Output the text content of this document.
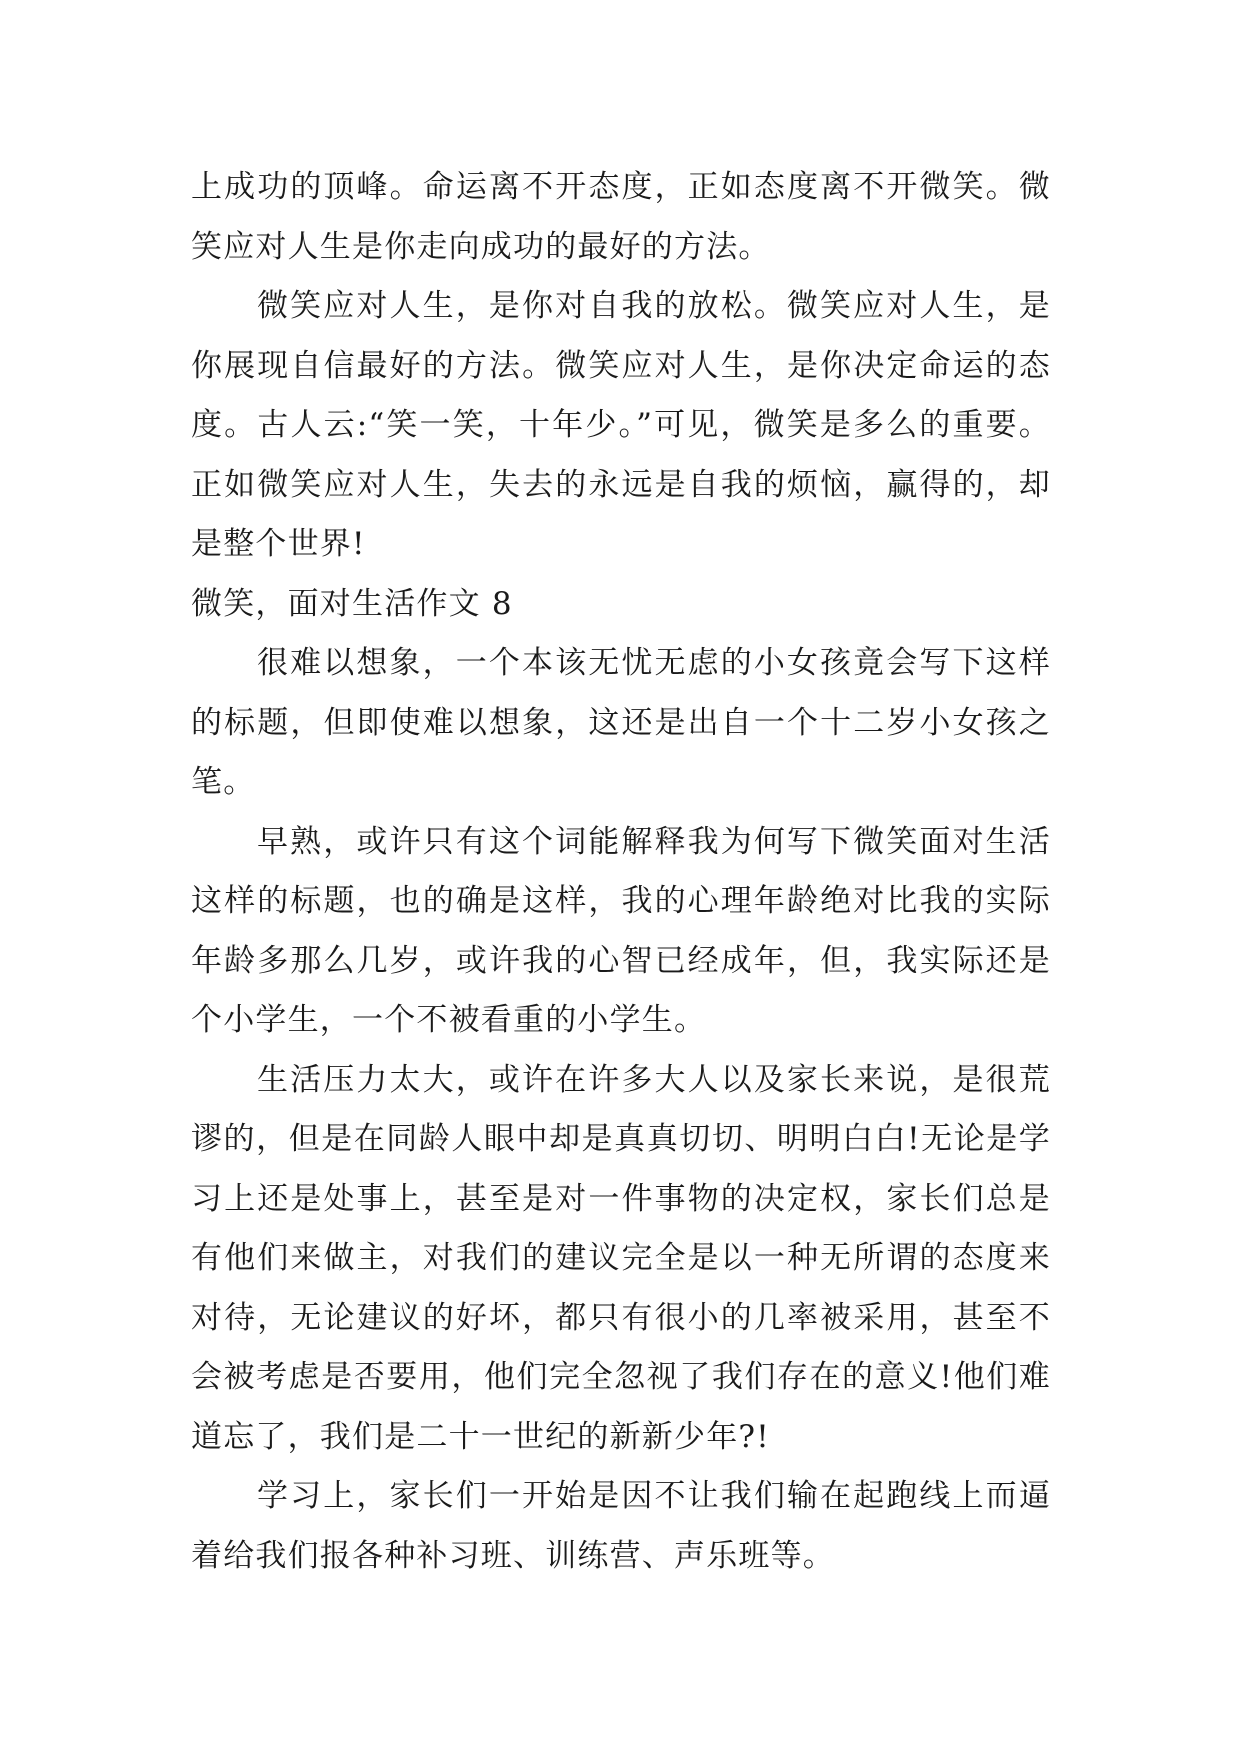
上成功的顶峰。命运离不开态度，正如态度离不开微笑。微笑应对人生是你走向成功的最好的方法。

微笑应对人生，是你对自我的放松。微笑应对人生，是你展现自信最好的方法。微笑应对人生，是你决定命运的态度。古人云:“笑一笑，十年少。”可见，微笑是多么的重要。正如微笑应对人生，失去的永远是自我的烦恼，赢得的，却是整个世界!

微笑，面对生活作文 8

很难以想象，一个本该无忧无虑的小女孩竟会写下这样的标题，但即使难以想象，这还是出自一个十二岁小女孩之笔。

早熟，或许只有这个词能解释我为何写下微笑面对生活这样的标题，也的确是这样，我的心理年龄绝对比我的实际年龄多那么几岁，或许我的心智已经成年，但，我实际还是个小学生，一个不被看重的小学生。

生活压力太大，或许在许多大人以及家长来说，是很荒谬的，但是在同龄人眼中却是真真切切、明明白白!无论是学习上还是处事上，甚至是对一件事物的决定权，家长们总是有他们来做主，对我们的建议完全是以一种无所谓的态度来对待，无论建议的好坏，都只有很小的几率被采用，甚至不会被考虑是否要用，他们完全忽视了我们存在的意义!他们难道忘了，我们是二十一世纪的新新少年?!

学习上，家长们一开始是因不让我们输在起跑线上而逼着给我们报各种补习班、训练营、声乐班等。
